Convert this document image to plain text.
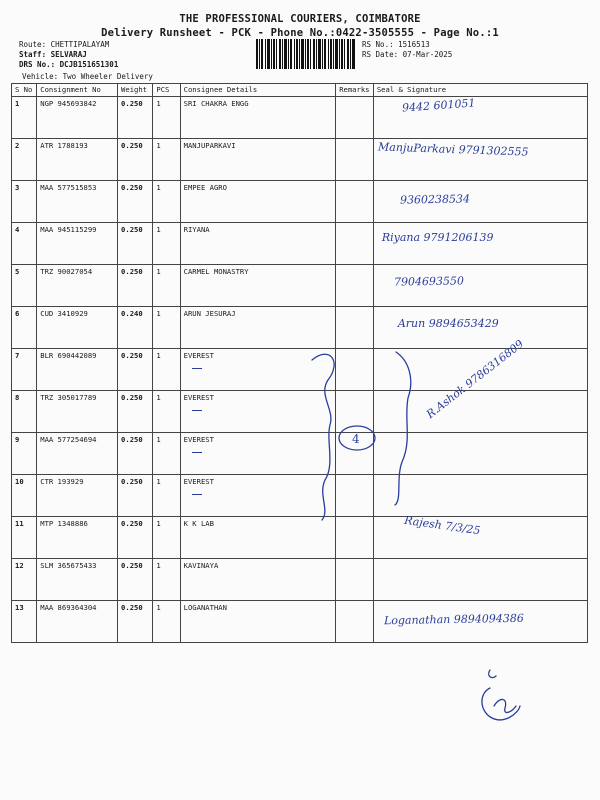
THE PROFESSIONAL COURIERS, COIMBATORE
Delivery Runsheet - PCK - Phone No.:0422-3505555 - Page No.:1
Route: CHETTIPALAYAM
Staff: SELVARAJ
DRS No.: DCJB151651301
RS No.: 1516513
RS Date: 07-Mar-2025
Vehicle: Two Wheeler Delivery
S No	Consignment No	Weight	PCS	Consignee Details	Remarks	Seal & Signature
1	NGP 945693842	0.250	1	SRI CHAKRA ENGG		9442 601051

2	ATR 1788193	0.250	1	MANJUPARKAVI		ManjuParkavi 9791302555

3	MAA 577515853	0.250	1	EMPEE AGRO		9360238534

4	MAA 945115299	0.250	1	RIYANA		Riyana 9791206139

5	TRZ 90027054	0.250	1	CARMEL MONASTRY		7904693550

6	CUD 3410929	0.240	1	ARUN JESURAJ		Arun 9894653429

7	BLR 690442089	0.250	1	EVEREST

8	TRZ 305017789	0.250	1	EVEREST

9	MAA 577254694	0.250	1	EVEREST

10	CTR 193929	0.250	1	EVEREST

11	MTP 1348886	0.250	1	K K LAB		Rajesh 7/3/25

12	SLM 365675433	0.250	1	KAVINAYA		
13	MAA 869364304	0.250	1	LOGANATHAN		Loganathan 9894094386
4
R.Ashok 9786316809
